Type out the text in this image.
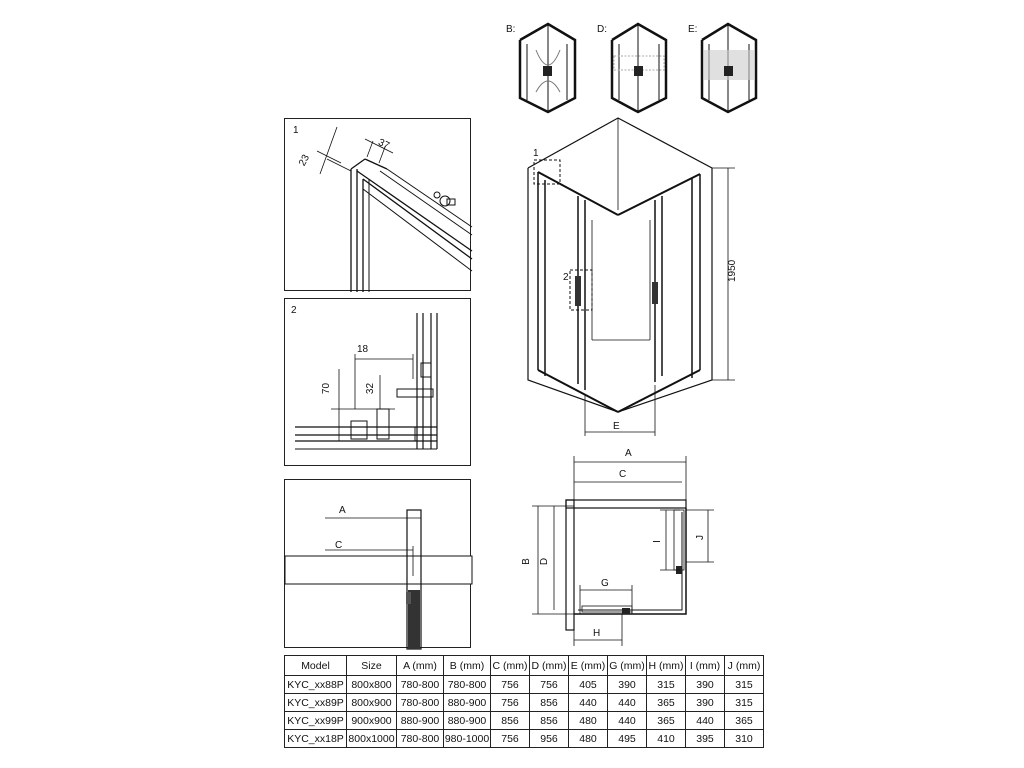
B:	D:	E:
1
23
37
2
18
70	32
A
C
1
2	1950
E
A
C
B D
G
H
I
J
Model	Size	A (mm)	B (mm)	C (mm)	D (mm)	E (mm)	G (mm)	H (mm)	I (mm)	J (mm)
KYC_xx88P	800x800	780-800	780-800	756	756	405	390	315	390	315
KYC_xx89P	800x900	780-800	880-900	756	856	440	440	365	390	315
KYC_xx99P	900x900	880-900	880-900	856	856	480	440	365	440	365
KYC_xx18P	800x1000	780-800	980-1000	756	956	480	495	410	395	310
